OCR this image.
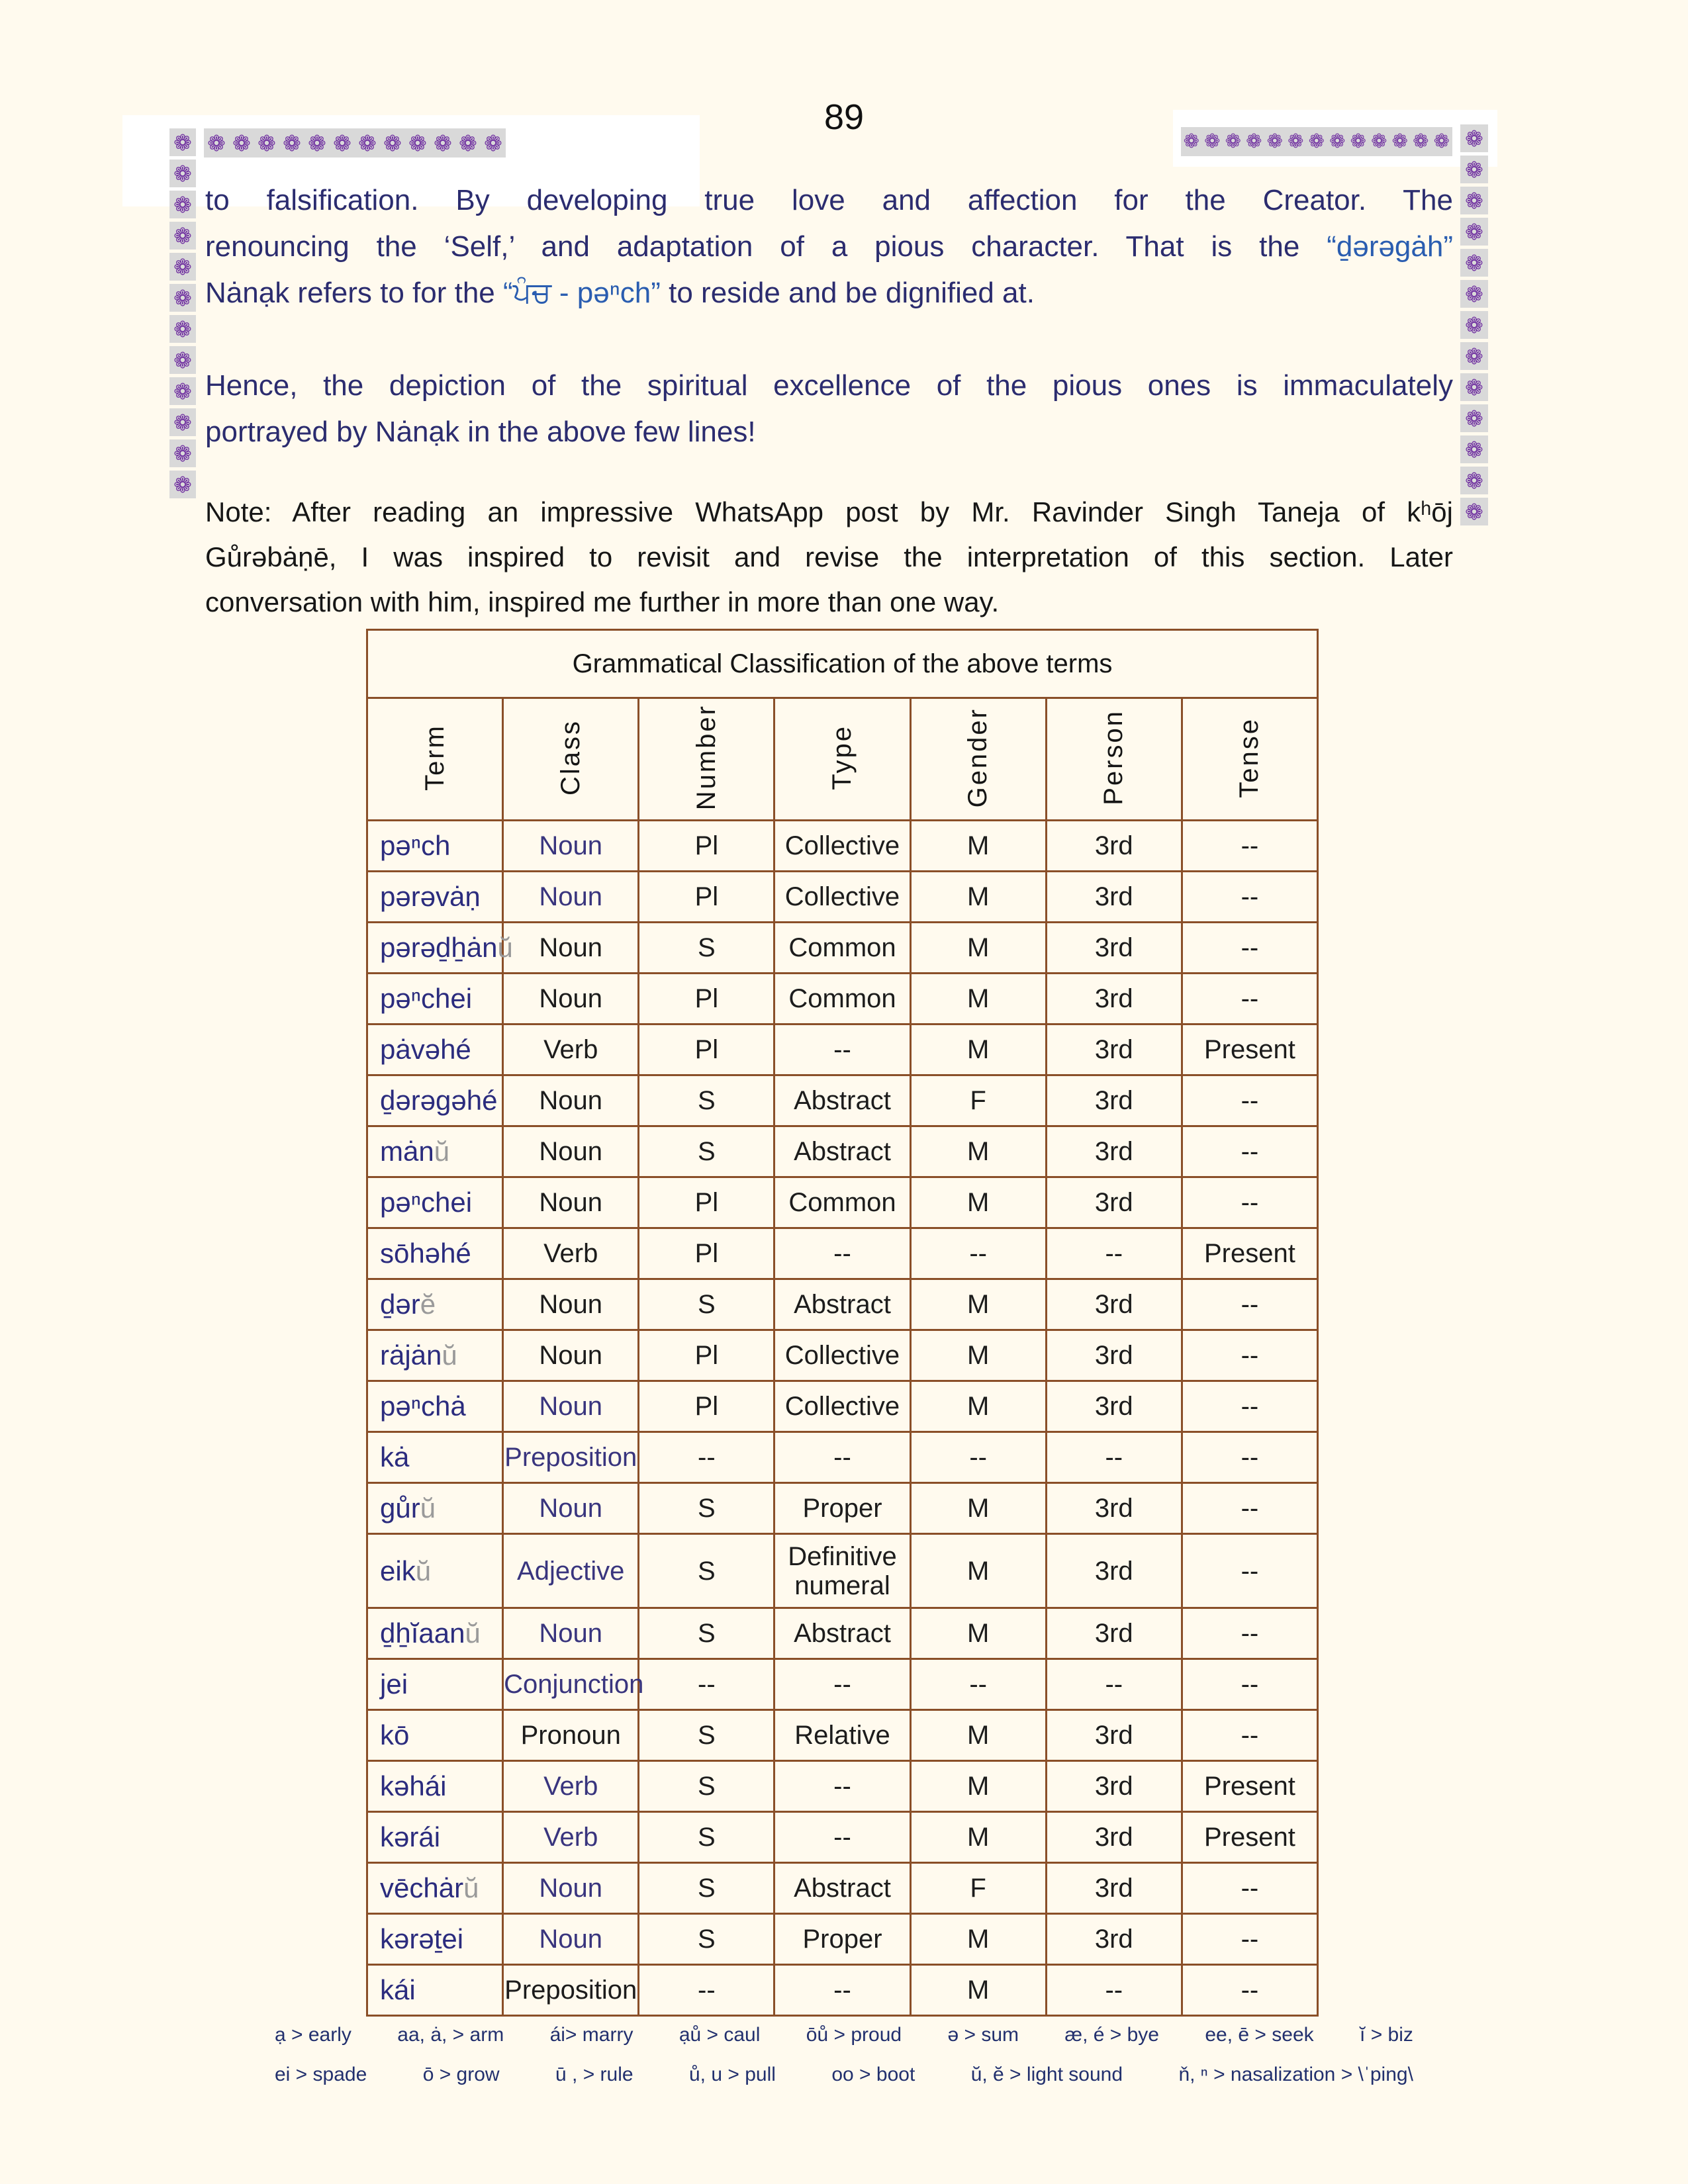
89
❁ ❁ ❁ ❁ ❁ ❁ ❁ ❁ ❁ ❁ ❁ ❁	❁ ❁ ❁ ❁ ❁ ❁ ❁ ❁ ❁ ❁ ❁ ❁ ❁
❁
❁
❁
❁
❁
❁
❁
❁
❁
❁
❁
❁
❁
❁
❁
❁
❁
❁
❁
❁
❁
❁
❁
❁
❁
to falsification. By developing true love and affection for the Creator. The
renouncing the ‘Self,’ and adaptation of a pious character. That is the “ḏərəgȧh”
Nȧnạk refers to for the “ਪੰਚ - pəⁿch” to reside and be dignified at.
Hence, the depiction of the spiritual excellence of the pious ones is immaculately
portrayed by Nȧnạk in the above few lines!
Note: After reading an impressive WhatsApp post by Mr. Ravinder Singh Taneja of kʰōj
Gůrəbȧṇē, I was inspired to revisit and revise the interpretation of this section. Later
conversation with him, inspired me further in more than one way.
Grammatical Classification of the above terms						
Term	Class	Number	Type	Gender	Person	Tense
pəⁿch	Noun	Pl	Collective	M	3rd	--
pərəvȧṇ	Noun	Pl	Collective	M	3rd	--
pərəḏẖȧnŭ	Noun	S	Common	M	3rd	--
pəⁿchei	Noun	Pl	Common	M	3rd	--
pȧvəhé	Verb	Pl	--	M	3rd	Present
ḏərəgəhé	Noun	S	Abstract	F	3rd	--
mȧnŭ	Noun	S	Abstract	M	3rd	--
pəⁿchei	Noun	Pl	Common	M	3rd	--
sōhəhé	Verb	Pl	--	--	--	Present
ḏərĕ	Noun	S	Abstract	M	3rd	--
rȧjȧnŭ	Noun	Pl	Collective	M	3rd	--
pəⁿchȧ	Noun	Pl	Collective	M	3rd	--
kȧ	Preposition	--	--	--	--	--
gůrŭ	Noun	S	Proper	M	3rd	--
eikŭ	Adjective	S	Definitive numeral	M	3rd	--
ḏẖĭaanŭ	Noun	S	Abstract	M	3rd	--
jei	Conjunction	--	--	--	--	--
kō	Pronoun	S	Relative	M	3rd	--
kəhái	Verb	S	--	M	3rd	Present
kərái	Verb	S	--	M	3rd	Present
vēchȧrŭ	Noun	S	Abstract	F	3rd	--
kərəṯei	Noun	S	Proper	M	3rd	--
kái	Preposition	--	--	M	--	--
ạ > early aa, ȧ, > arm ái> marry ạů > caul ōů > proud ə > sum æ, é > bye ee, ē > seek ĭ > biz
ei > spade	ō > grow	ū , > rule	ů, u > pull	oo > boot	ŭ, ĕ > light sound	ň, ⁿ > nasalization > \ˈping\
